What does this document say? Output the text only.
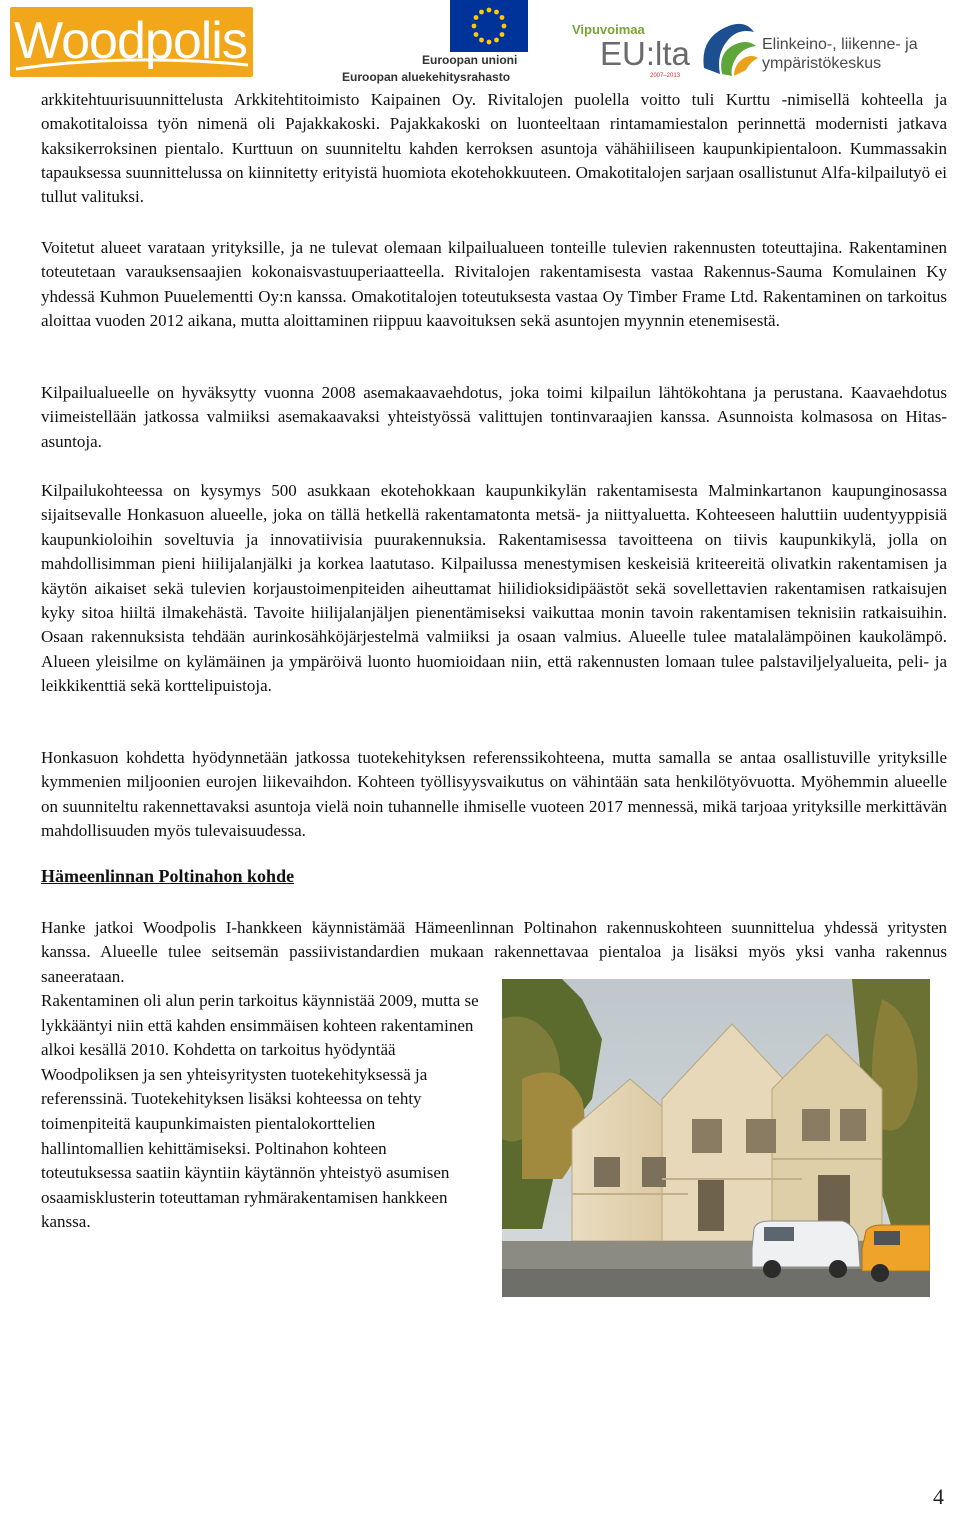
Woodpolis	Euroopan unioni
Euroopan aluekehitysrahasto
Vipuvoimaa
EU:lta
2007–2013
Elinkeino-, liikenne- ja
ympäristökeskus

arkkitehtuurisuunnittelusta Arkkitehtitoimisto Kaipainen Oy. Rivitalojen puolella voitto tuli Kurttu -nimisellä kohteella ja omakotitaloissa työn nimenä oli Pajakkakoski. Pajakkakoski on luonteeltaan rintamamiestalon perinnettä modernisti jatkava kaksikerroksinen pientalo. Kurttuun on suunniteltu kahden kerroksen asuntoja vähähiiliseen kaupunkipientaloon. Kummassakin tapauksessa suunnittelussa on kiinnitetty erityistä huomiota ekotehokkuuteen. Omakotitalojen sarjaan osallistunut Alfa-kilpailutyö ei tullut valituksi.

Voitetut alueet varataan yrityksille, ja ne tulevat olemaan kilpailualueen tonteille tulevien rakennusten toteuttajina. Rakentaminen toteutetaan varauksensaajien kokonaisvastuuperiaatteella. Rivitalojen rakentamisesta vastaa Rakennus-Sauma Komulainen Ky yhdessä Kuhmon Puuelementti Oy:n kanssa. Omakotitalojen toteutuksesta vastaa Oy Timber Frame Ltd. Rakentaminen on tarkoitus aloittaa vuoden 2012 aikana, mutta aloittaminen riippuu kaavoituksen sekä asuntojen myynnin etenemisestä.

Kilpailualueelle on hyväksytty vuonna 2008 asemakaavaehdotus, joka toimi kilpailun lähtökohtana ja perustana. Kaavaehdotus viimeistellään jatkossa valmiiksi asemakaavaksi yhteistyössä valittujen tontinvaraajien kanssa. Asunnoista kolmasosa on Hitas-asuntoja.

Kilpailukohteessa on kysymys 500 asukkaan ekotehokkaan kaupunkikylän rakentamisesta Malminkartanon kaupunginosassa sijaitsevalle Honkasuon alueelle, joka on tällä hetkellä rakentamatonta metsä- ja niittyaluetta. Kohteeseen haluttiin uudentyyppisiä kaupunkioloihin soveltuvia ja innovatiivisia puurakennuksia. Rakentamisessa tavoitteena on tiivis kaupunkikylä, jolla on mahdollisimman pieni hiilijalanjälki ja korkea laatutaso. Kilpailussa menestymisen keskeisiä kriteereitä olivatkin rakentamisen ja käytön aikaiset sekä tulevien korjaustoimenpiteiden aiheuttamat hiilidioksidipäästöt sekä sovellettavien rakentamisen ratkaisujen kyky sitoa hiiltä ilmakehästä. Tavoite hiilijalanjäljen pienentämiseksi vaikuttaa monin tavoin rakentamisen teknisiin ratkaisuihin. Osaan rakennuksista tehdään aurinkosähköjärjestelmä valmiiksi ja osaan valmius. Alueelle tulee matalalämpöinen kaukolämpö. Alueen yleisilme on kylämäinen ja ympäröivä luonto huomioidaan niin, että rakennusten lomaan tulee palstaviljelyalueita, peli- ja leikkikenttiä sekä korttelipuistoja.

Honkasuon kohdetta hyödynnetään jatkossa tuotekehityksen referenssikohteena, mutta samalla se antaa osallistuville yrityksille kymmenien miljoonien eurojen liikevaihdon. Kohteen työllisyysvaikutus on vähintään sata henkilötyövuotta. Myöhemmin alueelle on suunniteltu rakennettavaksi asuntoja vielä noin tuhannelle ihmiselle vuoteen 2017 mennessä, mikä tarjoaa yrityksille merkittävän mahdollisuuden myös tulevaisuudessa.

Hämeenlinnan Poltinahon kohde

Hanke jatkoi Woodpolis I-hankkeen käynnistämää Hämeenlinnan Poltinahon rakennuskohteen suunnittelua yhdessä yritysten kanssa. Alueelle tulee seitsemän passiivistandardien mukaan rakennettavaa pientaloa ja lisäksi myös yksi vanha rakennus saneerataan.

Rakentaminen oli alun perin tarkoitus käynnistää 2009, mutta se lykkääntyi niin että kahden ensimmäisen kohteen rakentaminen alkoi kesällä 2010. Kohdetta on tarkoitus hyödyntää Woodpoliksen ja sen yhteisyritysten tuotekehityksessä ja referenssinä. Tuotekehityksen lisäksi kohteessa on tehty toimenpiteitä kaupunkimaisten pientalokorttelien hallintomallien kehittämiseksi. Poltinahon kohteen toteutuksessa saatiin käyntiin käytännön yhteistyö asumisen osaamisklusterin toteuttaman ryhmärakentamisen hankkeen kanssa.

4
